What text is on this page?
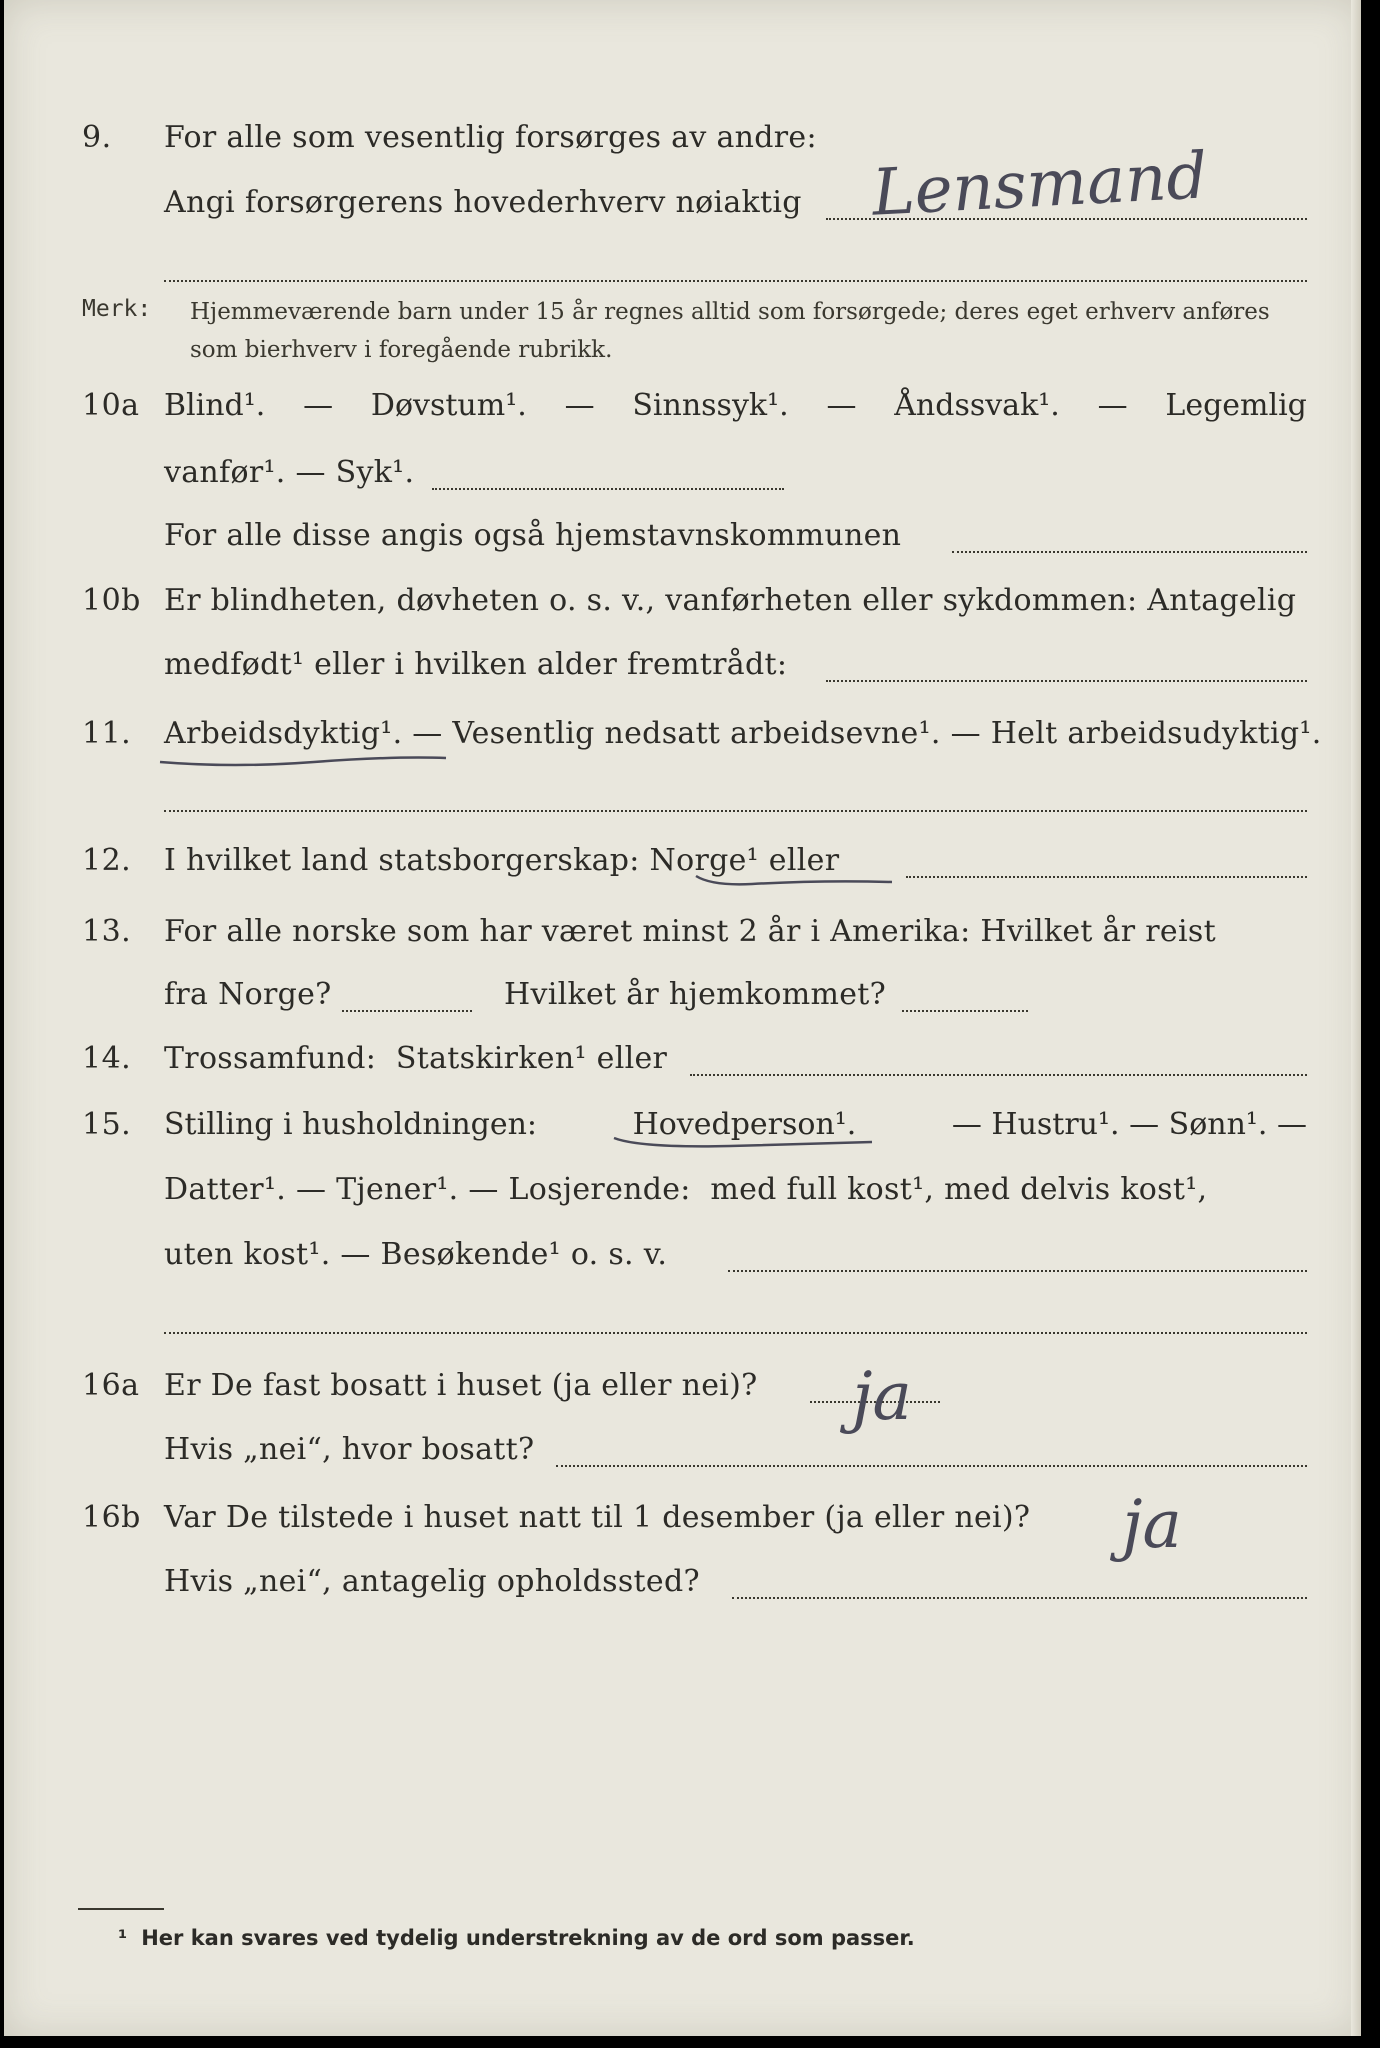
9. For alle som vesentlig forsørges av andre:
Angi forsørgerens hovederhverv nøiaktig Lensmand
Merk: Hjemmeværende barn under 15 år regnes alltid som forsørgede; deres eget erhverv anføres som bierhverv i foregående rubrikk.
10a Blind¹. — Døvstum¹. — Sinnssyk¹. — Åndssvak¹. — Legemlig
vanfør¹. — Syk¹.
For alle disse angis også hjemstavnskommunen
10b Er blindheten, døvheten o. s. v., vanførheten eller sykdommen: Antagelig
medfødt¹ eller i hvilken alder fremtrådt:
11. Arbeidsdyktig¹. — Vesentlig nedsatt arbeidsevne¹. — Helt arbeidsudyktig¹.
12. I hvilket land statsborgerskap: Norge¹ eller
13. For alle norske som har været minst 2 år i Amerika: Hvilket år reist
fra Norge?	Hvilket år hjemkommet?
14. Trossamfund:  Statskirken¹ eller
15. Stilling i husholdningen:	Hovedperson¹.	— Hustru¹. — Sønn¹. —
Datter¹. — Tjener¹. — Losjerende:  med full kost¹, med delvis kost¹,
uten kost¹. — Besøkende¹ o. s. v.
16a Er De fast bosatt i huset (ja eller nei)? ja
Hvis „nei“, hvor bosatt?
16b Var De tilstede i huset natt til 1 desember (ja eller nei)? ja
Hvis „nei“, antagelig opholdssted?
¹ Her kan svares ved tydelig understrekning av de ord som passer.
